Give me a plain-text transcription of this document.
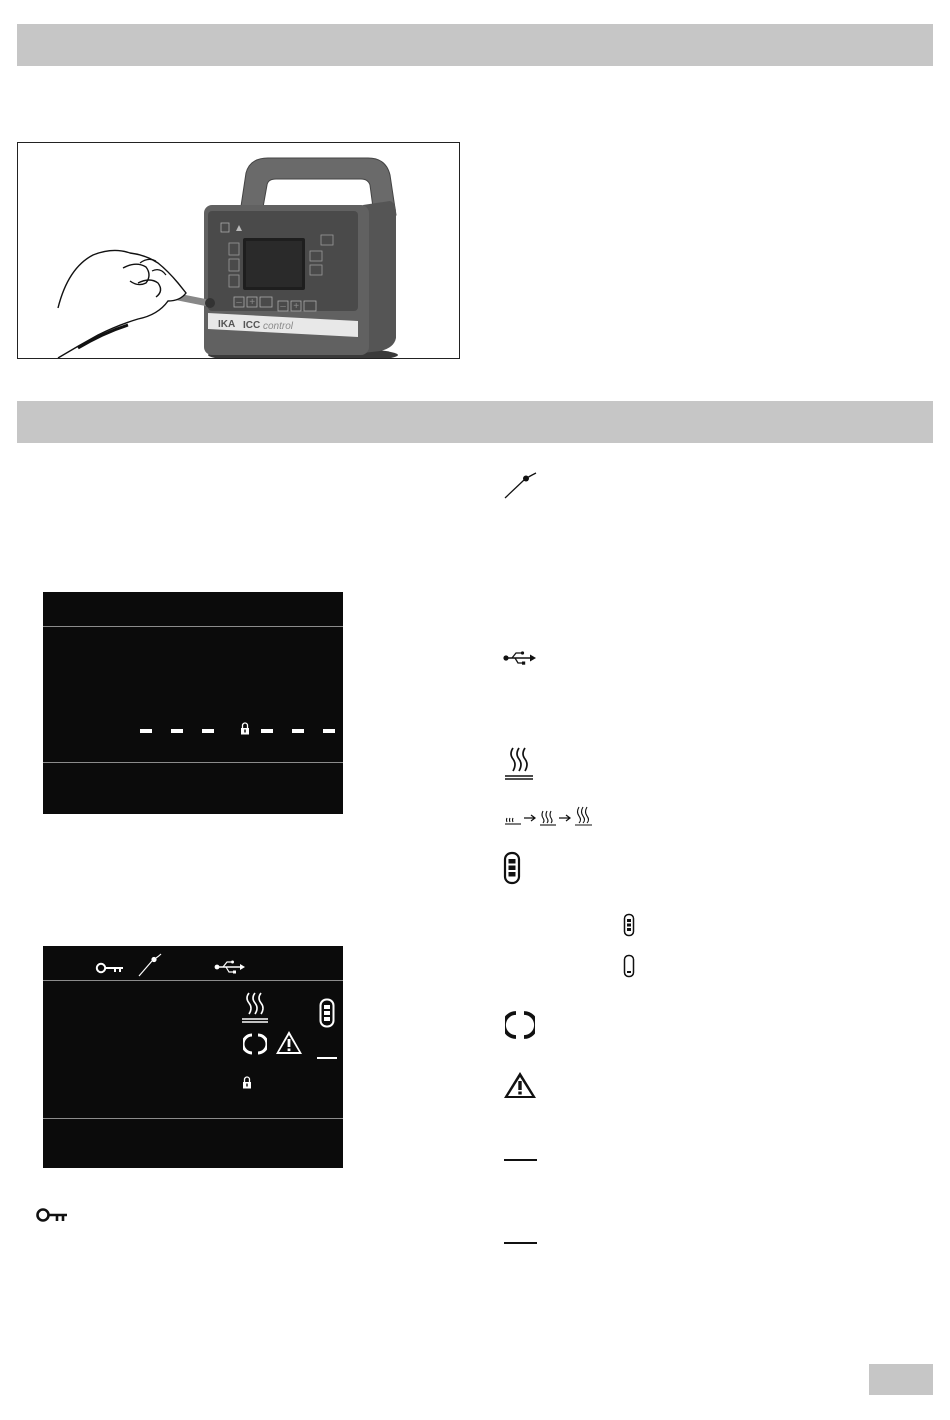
– +	– +
IKA ICC control
